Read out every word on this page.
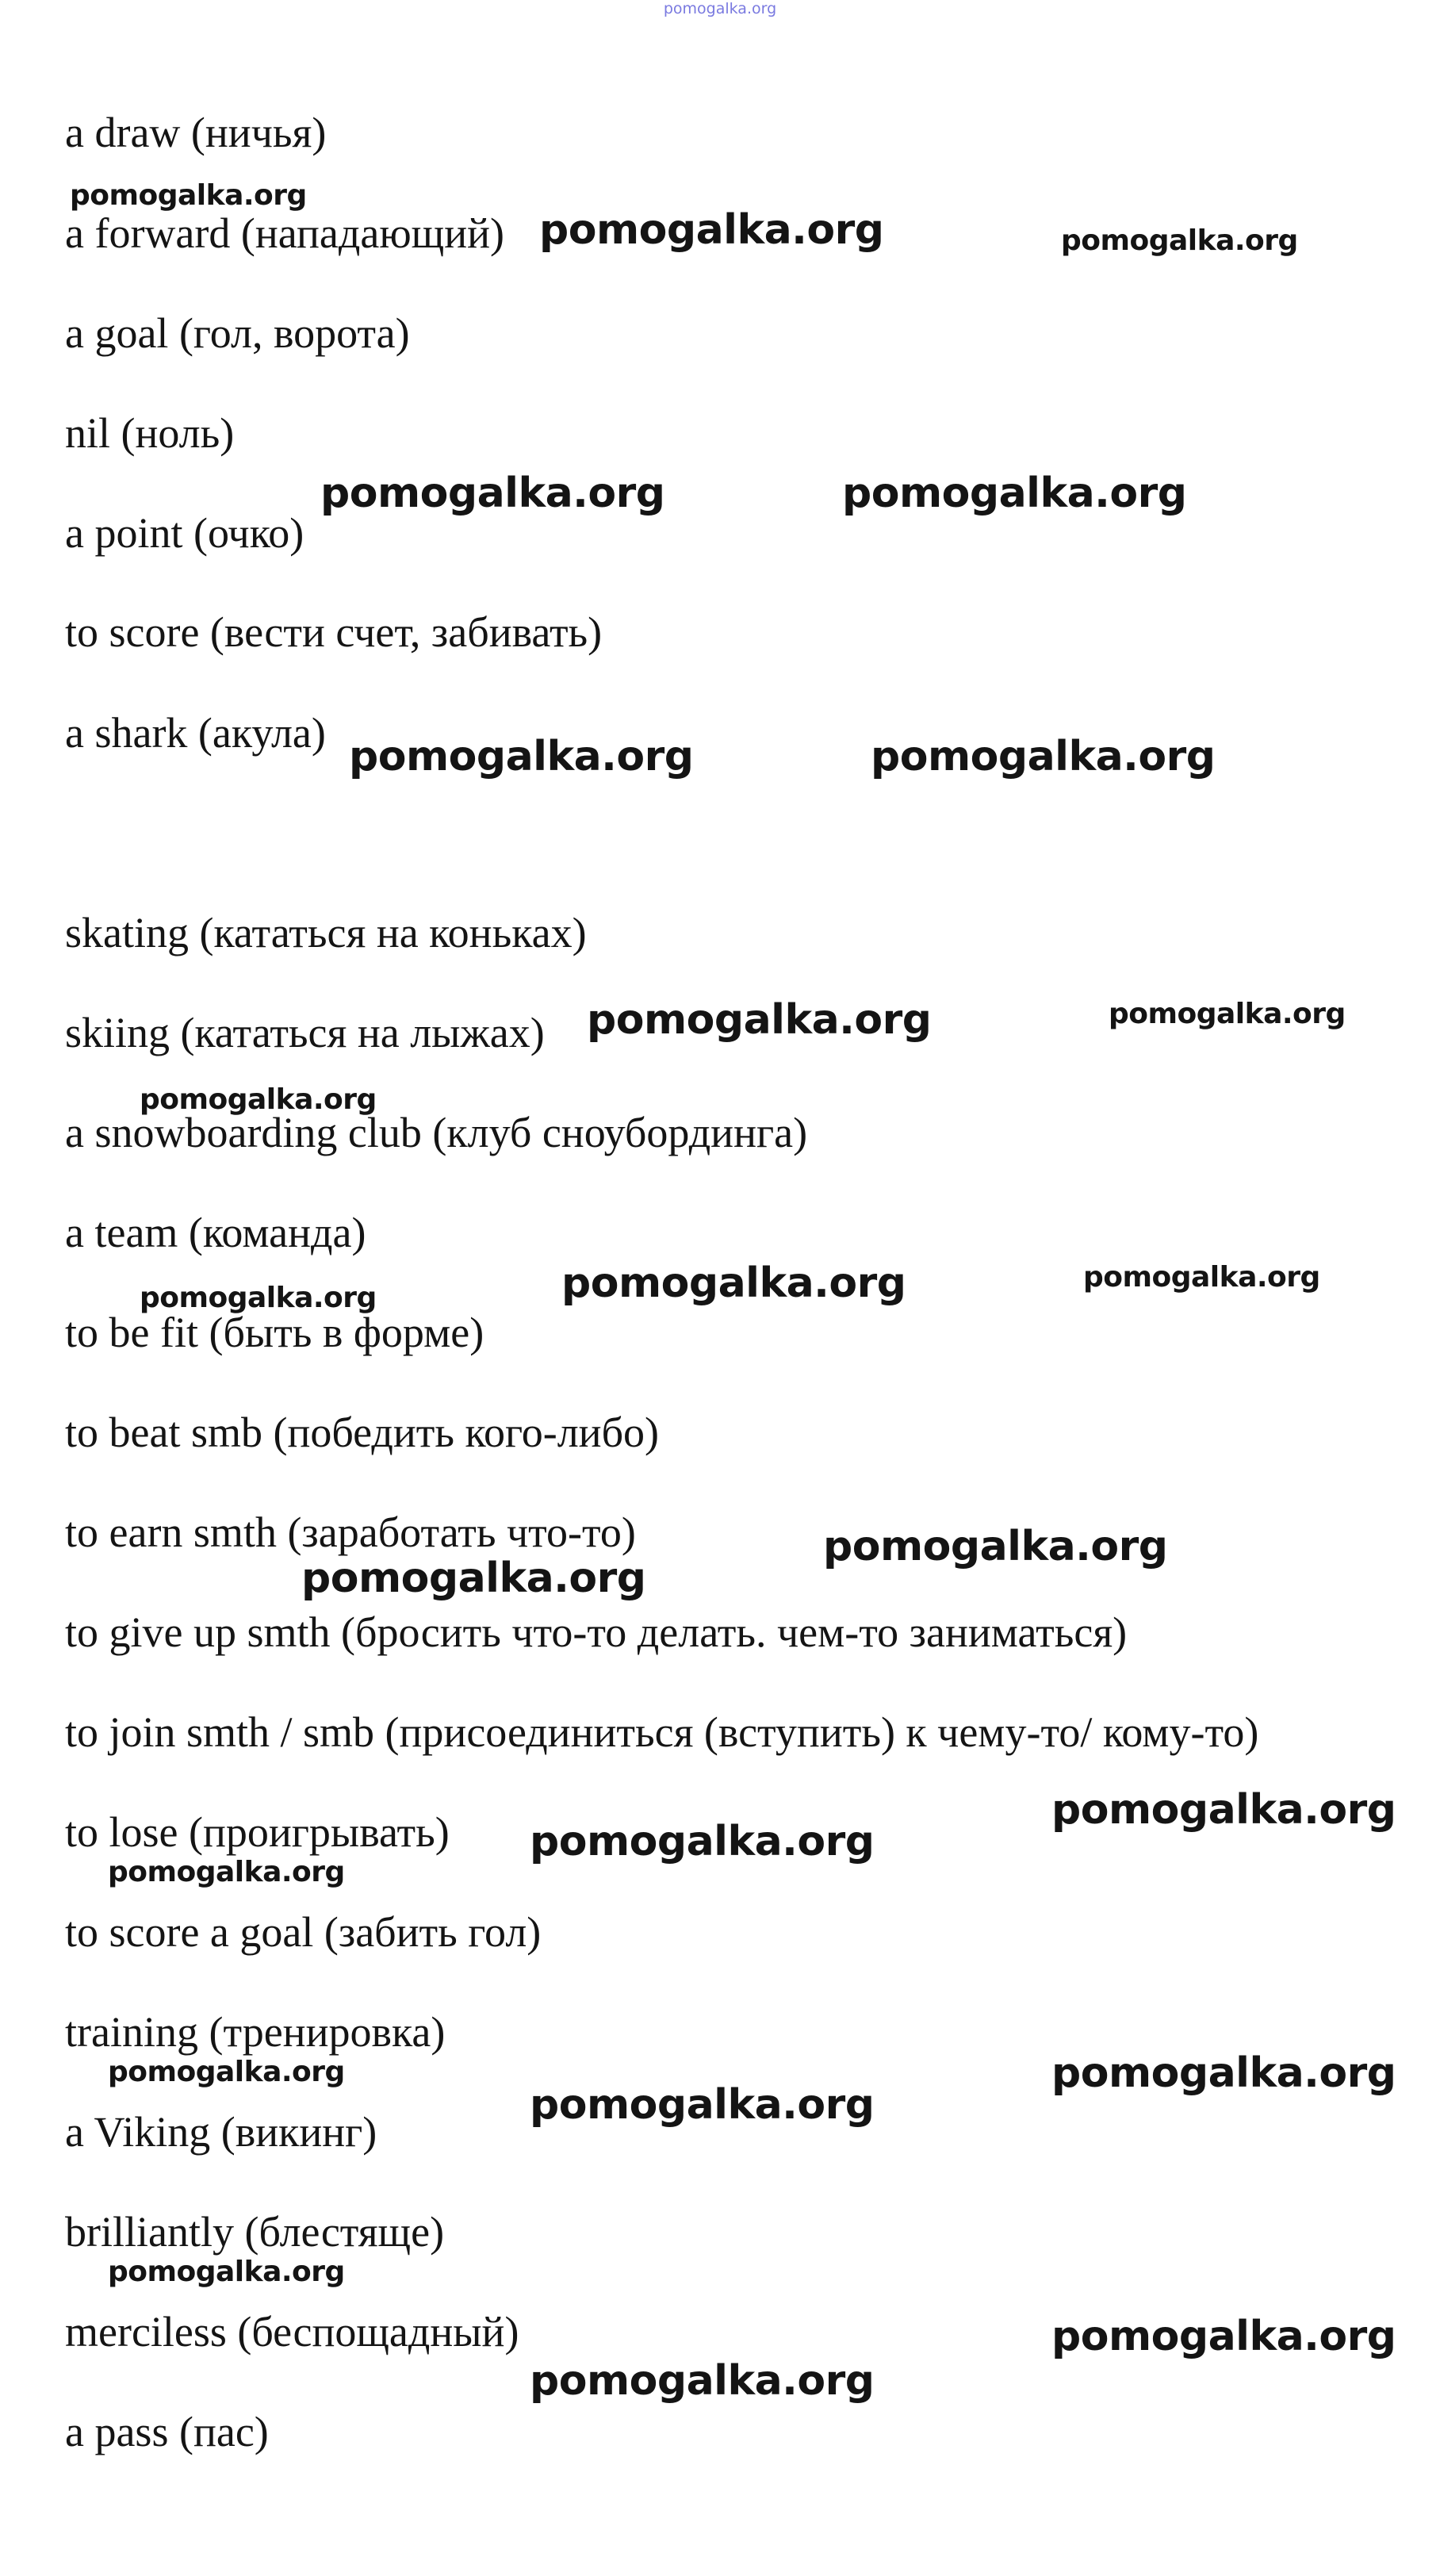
pomogalka.org
a draw (ничья)
a forward (нападающий)
a goal (гол, ворота)
nil (ноль)
a point (очко)
to score (вести счет, забивать)
a shark (акула)
skating (кататься на коньках)
skiing (кататься на лыжах)
a snowboarding club (клуб сноубординга)
a team (команда)
to be fit (быть в форме)
to beat smb (победить кого-либо)
to earn smth (заработать что-то)
to give up smth (бросить что-то делать. чем-то заниматься)
to join smth / smb (присоединиться (вступить) к чему-то/ кому-то)
to lose (проигрывать)
to score a goal (забить гол)
training (тренировка)
a Viking (викинг)
brilliantly (блестяще)
merciless (беспощадный)
a pass (пас)
pomogalka.org
pomogalka.org	pomogalka.org
pomogalka.org	pomogalka.org
pomogalka.org	pomogalka.org
pomogalka.org	pomogalka.org
pomogalka.org
pomogalka.org	pomogalka.org
pomogalka.org
pomogalka.org
pomogalka.org
pomogalka.org
pomogalka.org
pomogalka.org
pomogalka.org	pomogalka.org
pomogalka.org
pomogalka.org
pomogalka.org
pomogalka.org
